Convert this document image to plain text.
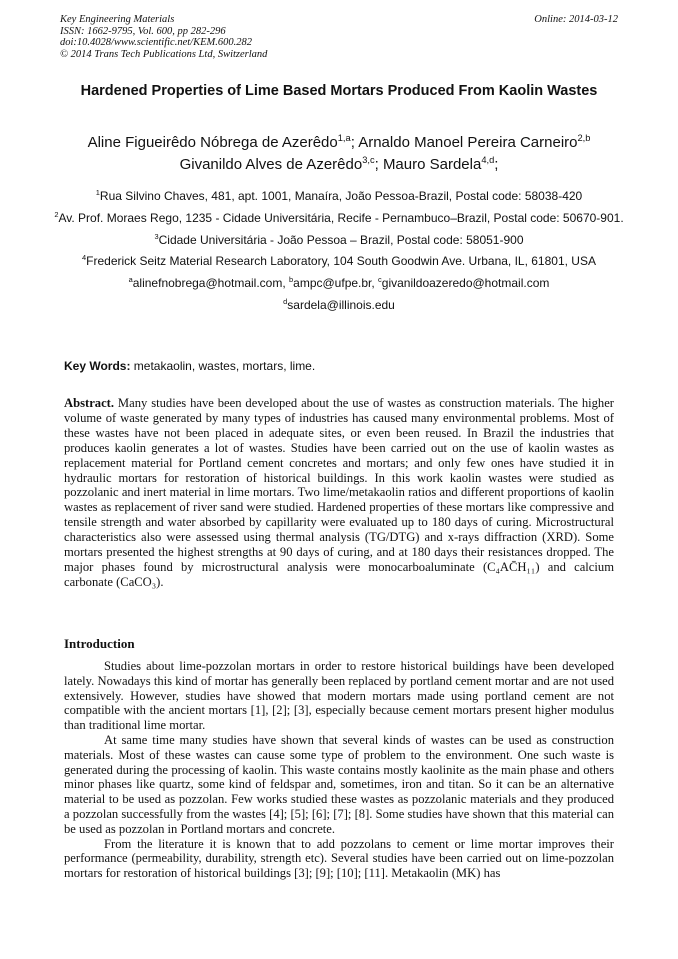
Key Engineering Materials
ISSN: 1662-9795, Vol. 600, pp 282-296
doi:10.4028/www.scientific.net/KEM.600.282
© 2014 Trans Tech Publications Ltd, Switzerland
Online: 2014-03-12
Hardened Properties of Lime Based Mortars Produced From Kaolin Wastes
Aline Figueirêdo Nóbrega de Azerêdo$^{1,a}$; Arnaldo Manoel Pereira Carneiro$^{2,b}$
Givanildo Alves de Azerêdo$^{3,c}$; Mauro Sardela$^{4,d}$;
$^1$Rua Silvino Chaves, 481, apt. 1001, Manaíra, João Pessoa-Brazil, Postal code: 58038-420
$^2$Av. Prof. Moraes Rego, 1235 - Cidade Universitária, Recife - Pernambuco–Brazil, Postal code: 50670-901.
$^3$Cidade Universitária - João Pessoa – Brazil, Postal code: 58051-900
$^4$Frederick Seitz Material Research Laboratory, 104 South Goodwin Ave. Urbana, IL, 61801, USA
$^a$alinefnobrega@hotmail.com, $^b$ampc@ufpe.br, $^c$givanildoazeredo@hotmail.com
$^d$sardela@illinois.edu
Key Words: metakaolin, wastes, mortars, lime.
Abstract. Many studies have been developed about the use of wastes as construction materials. The higher volume of waste generated by many types of industries has caused many environmental problems. Most of these wastes have not been placed in adequate sites, or even been reused. In Brazil the industries that produces kaolin generates a lot of wastes. Studies have been carried out on the use of kaolin wastes as replacement material for Portland cement concretes and mortars; and only few ones have studied it in hydraulic mortars for restoration of historical buildings. In this work kaolin wastes were studied as pozzolanic and inert material in lime mortars. Two lime/metakaolin ratios and different proportions of kaolin wastes as replacement of river sand were studied. Hardened properties of these mortars like compressive and tensile strength and water absorbed by capillarity were evaluated up to 180 days of curing. Microstructural characteristics also were assessed using thermal analysis (TG/DTG) and x-rays diffraction (XRD). Some mortars presented the highest strengths at 90 days of curing, and at 180 days their resistances dropped. The major phases found by microstructural analysis were monocarboaluminate (C₄AC̄H₁₁) and calcium carbonate (CaCO₃).
Introduction

Studies about lime-pozzolan mortars in order to restore historical buildings have been developed lately. Nowadays this kind of mortar has generally been replaced by portland cement mortar and are not used extensively. However, studies have showed that modern mortars made using portland cement are not compatible with the ancient mortars [1], [2]; [3], especially because cement mortars present higher modulus than traditional lime mortar.

At same time many studies have shown that several kinds of wastes can be used as construction materials. Most of these wastes can cause some type of problem to the environment. One such waste is generated during the processing of kaolin. This waste contains mostly kaolinite as the main phase and others minor phases like quartz, some kind of feldspar and, sometimes, iron and titan. So it can be an alternative material to be used as pozzolan. Few works studied these wastes as pozzolanic materials and they produced a pozzolan successfully from the wastes [4]; [5]; [6]; [7]; [8]. Some studies have shown that this material can be used as pozzolan in Portland mortars and concrete.

From the literature it is known that to add pozzolans to cement or lime mortar improves their performance (permeability, durability, strength etc). Several studies have been carried out on lime-pozzolan mortars for restoration of historical buildings [3]; [9]; [10]; [11]. Metakaolin (MK) has
